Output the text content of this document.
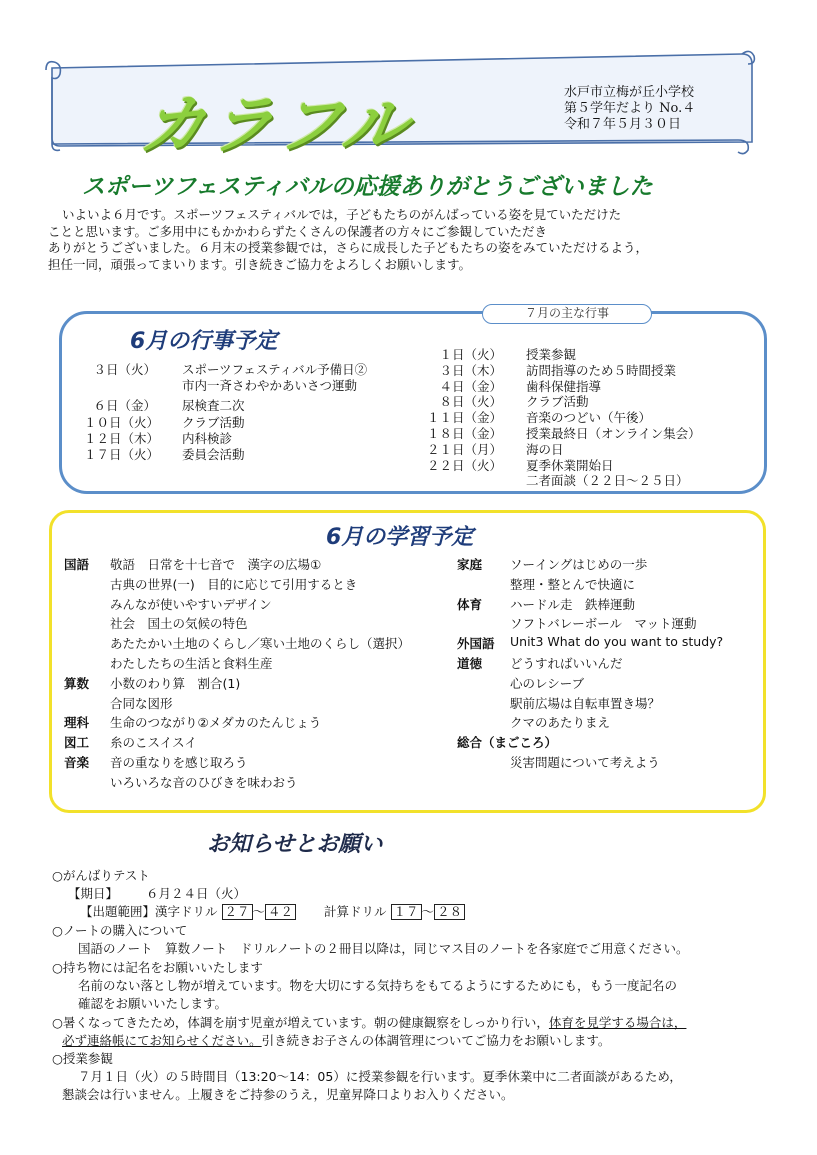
カラフル	水戸市立梅が丘小学校
第５学年だより No.４
令和７年５月３０日
スポーツフェスティバルの応援ありがとうございました
いよいよ６月です。スポーツフェスティバルでは，子どもたちのがんばっている姿を見ていただけた
ことと思います。ご多用中にもかかわらずたくさんの保護者の方々にご参観していただき
ありがとうございました。６月末の授業参観では，さらに成長した子どもたちの姿をみていただけるよう，
担任一同，頑張ってまいります。引き続きご協力をよろしくお願いします。
７月の主な行事
6月の行事予定
３日（火） スポーツフェスティバル予備日②
市内一斉さわやかあいさつ運動
６日（金） 尿検査二次
１０日（火） クラブ活動
１２日（木） 内科検診
１７日（火） 委員会活動
１日（火） 授業参観
３日（木） 訪問指導のため５時間授業
４日（金） 歯科保健指導
８日（火） クラブ活動
１１日（金） 音楽のつどい（午後）
１８日（金） 授業最終日（オンライン集会）
２１日（月） 海の日
２２日（火） 夏季休業開始日
二者面談（２２日～２５日）
6月の学習予定
国語 敬語　日常を十七音で　漢字の広場①
古典の世界(一)　目的に応じて引用するとき
みんなが使いやすいデザイン
社会　国土の気候の特色
あたたかい土地のくらし／寒い土地のくらし（選択）
わたしたちの生活と食料生産
算数 小数のわり算　割合(1)
合同な図形
理科 生命のつながり②メダカのたんじょう
図工 糸のこスイスイ
音楽 音の重なりを感じ取ろう
いろいろな音のひびきを味わおう
家庭 ソーイングはじめの一歩
整理・整とんで快適に
体育 ハードル走　鉄棒運動
ソフトバレーボール　マット運動
外国語 Unit3 What do you want to study?
道徳 どうすればいいんだ
心のレシーブ
駅前広場は自転車置き場？
クマのあたりまえ
総合（まごころ）
災害問題について考えよう
お知らせとお願い
○がんばりテスト
【期日】 ６月２４日（火）
【出題範囲】漢字ドリル ２７ ～ ４２ 計算ドリル １７ ～ ２８
○ノートの購入について
国語のノート　算数ノート　ドリルノートの２冊目以降は，同じマス目のノートを各家庭でご用意ください。
○持ち物には記名をお願いいたします
名前のない落とし物が増えています。物を大切にする気持ちをもてるようにするためにも，もう一度記名の
確認をお願いいたします。
○暑くなってきたため，体調を崩す児童が増えています。朝の健康観察をしっかり行い，体育を見学する場合は，
必ず連絡帳にてお知らせください。引き続きお子さんの体調管理についてご協力をお願いします。
○授業参観
７月１日（火）の５時間目（13:20～14：05）に授業参観を行います。夏季休業中に二者面談があるため，
懇談会は行いません。上履きをご持参のうえ，児童昇降口よりお入りください。
